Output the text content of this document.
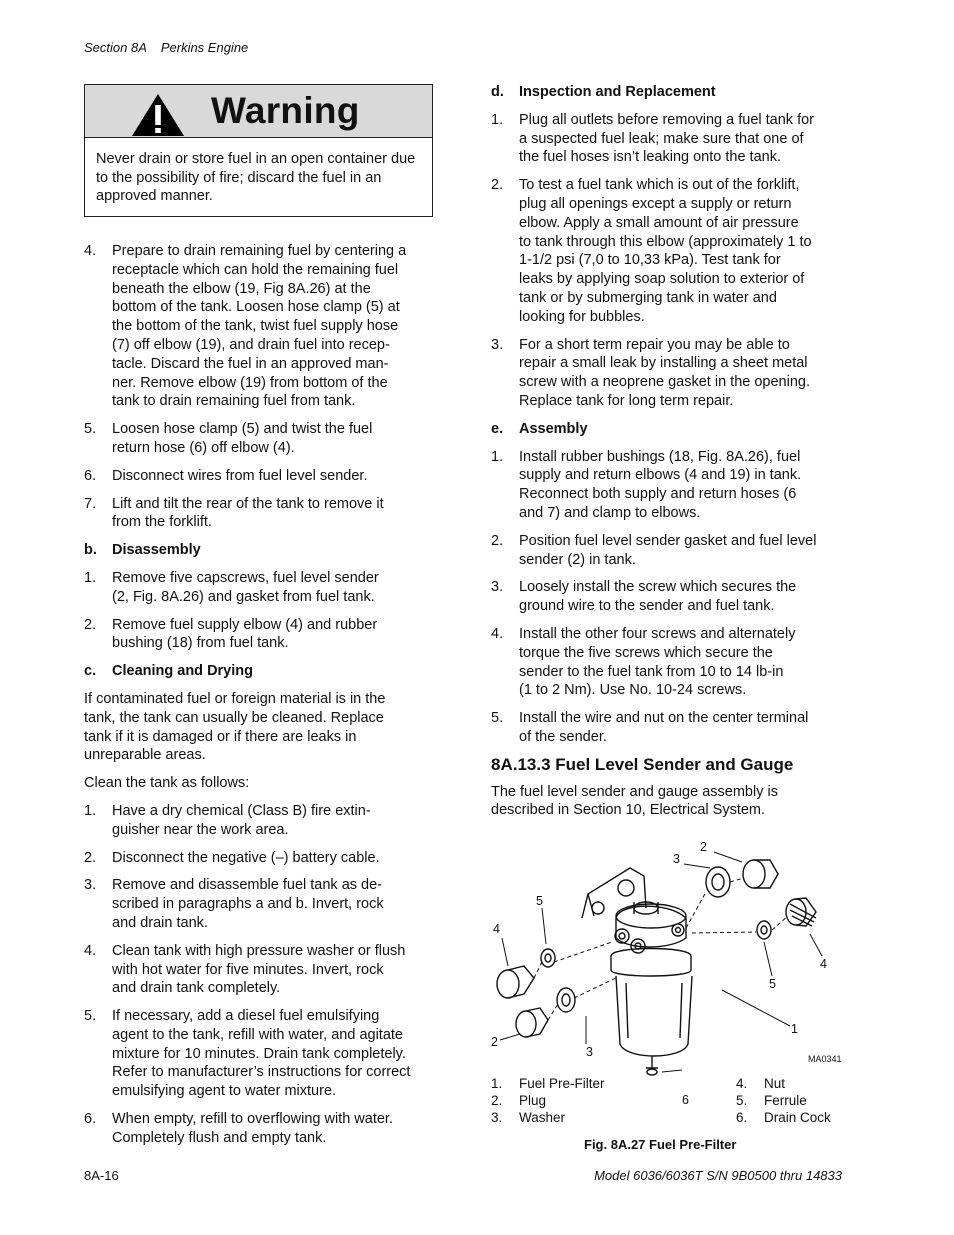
Section 8A    Perkins Engine
Warning
Never drain or store fuel in an open container due to the possibility of fire; discard the fuel in an approved manner.
4. Prepare to drain remaining fuel by centering a
receptacle which can hold the remaining fuel
beneath the elbow (19, Fig 8A.26) at the
bottom of the tank. Loosen hose clamp (5) at
the bottom of the tank, twist fuel supply hose
(7) off elbow (19), and drain fuel into recep-
tacle. Discard the fuel in an approved man-
ner. Remove elbow (19) from bottom of the
tank to drain remaining fuel from tank.
5. Loosen hose clamp (5) and twist the fuel
return hose (6) off elbow (4).
6. Disconnect wires from fuel level sender.
7. Lift and tilt the rear of the tank to remove it
from the forklift.
b. Disassembly
1. Remove five capscrews, fuel level sender
(2, Fig. 8A.26) and gasket from fuel tank.
2. Remove fuel supply elbow (4) and rubber
bushing (18) from fuel tank.
c. Cleaning and Drying
If contaminated fuel or foreign material is in the
tank, the tank can usually be cleaned. Replace
tank if it is damaged or if there are leaks in
unreparable areas.
Clean the tank as follows:
1. Have a dry chemical (Class B) fire extin-
guisher near the work area.
2. Disconnect the negative (–) battery cable.
3. Remove and disassemble fuel tank as de-
scribed in paragraphs a and b. Invert, rock
and drain tank.
4. Clean tank with high pressure washer or flush
with hot water for five minutes. Invert, rock
and drain tank completely.
5. If necessary, add a diesel fuel emulsifying
agent to the tank, refill with water, and agitate
mixture for 10 minutes. Drain tank completely.
Refer to manufacturer’s instructions for correct
emulsifying agent to water mixture.
6. When empty, refill to overflowing with water.
Completely flush and empty tank.
d. Inspection and Replacement
1. Plug all outlets before removing a fuel tank for
a suspected fuel leak; make sure that one of
the fuel hoses isn’t leaking onto the tank.
2. To test a fuel tank which is out of the forklift,
plug all openings except a supply or return
elbow. Apply a small amount of air pressure
to tank through this elbow (approximately 1 to
1-1/2 psi (7,0 to 10,33 kPa). Test tank for
leaks by applying soap solution to exterior of
tank or by submerging tank in water and
looking for bubbles.
3. For a short term repair you may be able to
repair a small leak by installing a sheet metal
screw with a neoprene gasket in the opening.
Replace tank for long term repair.
e. Assembly
1. Install rubber bushings (18, Fig. 8A.26), fuel
supply and return elbows (4 and 19) in tank.
Reconnect both supply and return hoses (6
and 7) and clamp to elbows.
2. Position fuel level sender gasket and fuel level
sender (2) in tank.
3. Loosely install the screw which secures the
ground wire to the sender and fuel tank.
4. Install the other four screws and alternately
torque the five screws which secure the
sender to the fuel tank from 10 to 14 lb-in
(1 to 2 Nm). Use No. 10-24 screws.
5. Install the wire and nut on the center terminal
of the sender.
8A.13.3 Fuel Level Sender and Gauge
The fuel level sender and gauge assembly is
described in Section 10, Electrical System.
2
3
5
4
4
5
1
2
3	MA0341
6
1. Fuel Pre-Filter
2. Plug
3. Washer
4. Nut
5. Ferrule
6. Drain Cock
Fig. 8A.27 Fuel Pre-Filter
8A-16	Model 6036/6036T S/N 9B0500 thru 14833
